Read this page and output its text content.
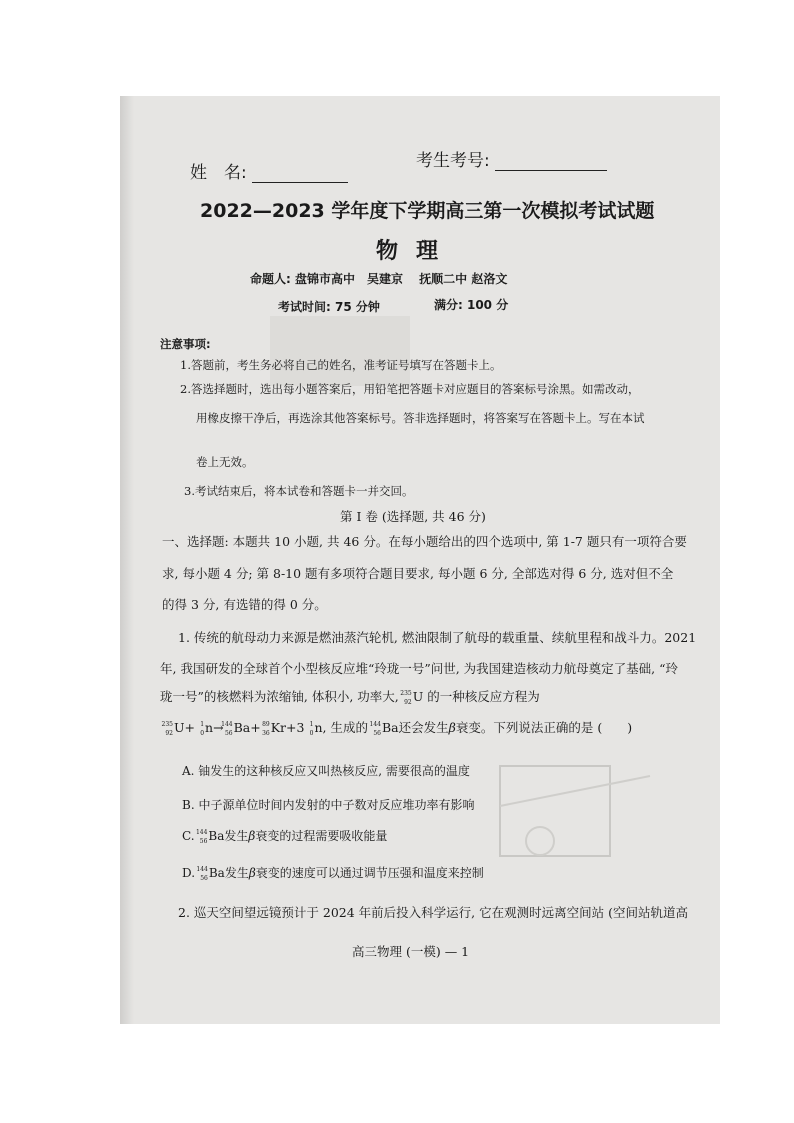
姓　名:
考生考号:
2022—2023 学年度下学期高三第一次模拟考试试题
物理
命题人: 盘锦市高中　吴建京　 抚顺二中 赵洛文
考试时间: 75 分钟	满分: 100 分
注意事项:
1.答题前，考生务必将自己的姓名，准考证号填写在答题卡上。
2.答选择题时，选出每小题答案后，用铅笔把答题卡对应题目的答案标号涂黑。如需改动，
用橡皮擦干净后，再选涂其他答案标号。答非选择题时，将答案写在答题卡上。写在本试
卷上无效。
3.考试结束后，将本试卷和答题卡一并交回。
第 I 卷 (选择题, 共 46 分)
一、选择题: 本题共 10 小题, 共 46 分。在每小题给出的四个选项中, 第 1-7 题只有一项符合要
求, 每小题 4 分; 第 8-10 题有多项符合题目要求, 每小题 6 分, 全部选对得 6 分, 选对但不全
的得 3 分, 有选错的得 0 分。
1. 传统的航母动力来源是燃油蒸汽轮机, 燃油限制了航母的载重量、续航里程和战斗力。2021
年, 我国研发的全球首个小型核反应堆“玲珑一号”问世, 为我国建造核动力航母奠定了基础, “玲
珑一号”的核燃料为浓缩铀, 体积小, 功率大, 235
92 U 的一种核反应方程为
235
92 U+ 1
0 n→
144
56 Ba+ 89
36 Kr+3 1
0 n, 生成的 144
56 Ba还会发生β衰变。下列说法正确的是 (　　)
A. 铀发生的这种核反应又叫热核反应, 需要很高的温度
B. 中子源单位时间内发射的中子数对反应堆功率有影响
C. 144
56 Ba发生β衰变的过程需要吸收能量
D. 144
56 Ba发生β衰变的速度可以通过调节压强和温度来控制
2. 巡天空间望远镜预计于 2024 年前后投入科学运行, 它在观测时远离空间站 (空间站轨道高
高三物理 (一模) — 1
